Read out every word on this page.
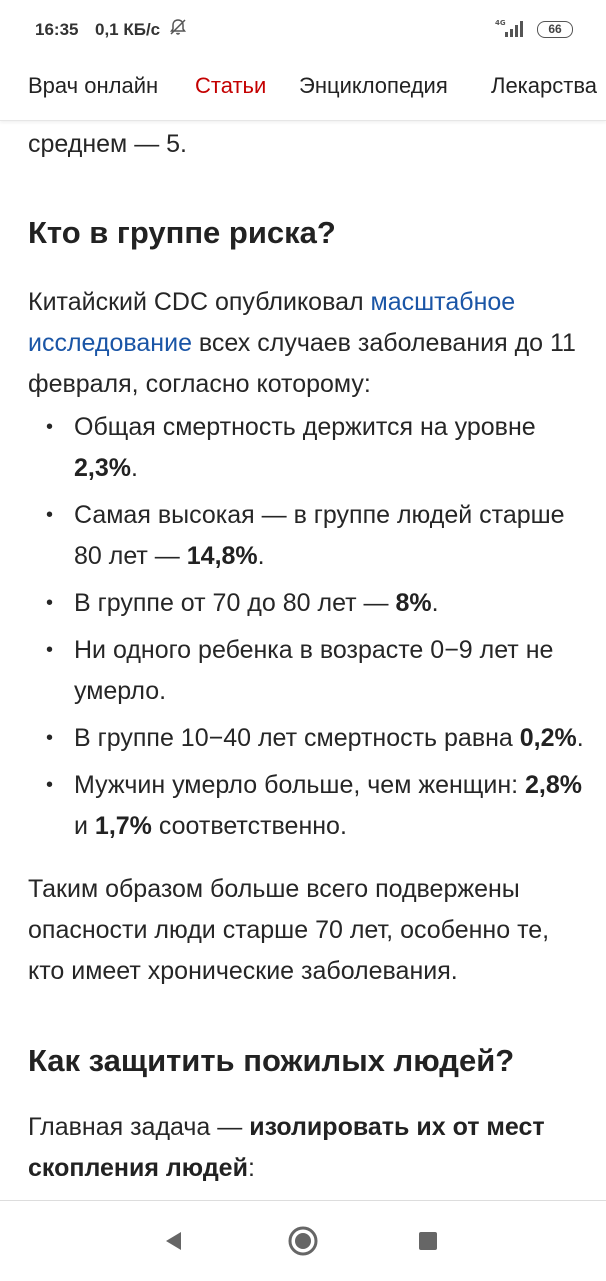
16:35 0,1 КБ/с	4G	66
Врач онлайн Статьи Энциклопедия Лекарства

среднем — 5.

Кто в группе риска?

Китайский CDC опубликовал масштабное исследование всех случаев заболевания до 11 февраля, согласно которому:

• Общая смертность держится на уровне 2,3%.
• Самая высокая — в группе людей старше 80 лет — 14,8%.
• В группе от 70 до 80 лет — 8%.
• Ни одного ребенка в возрасте 0−9 лет не умерло.
• В группе 10−40 лет смертность равна 0,2%.
• Мужчин умерло больше, чем женщин: 2,8% и 1,7% соответственно.

Таким образом больше всего подвержены опасности люди старше 70 лет, особенно те, кто имеет хронические заболевания.

Как защитить пожилых людей?

Главная задача — изолировать их от мест скопления людей:
